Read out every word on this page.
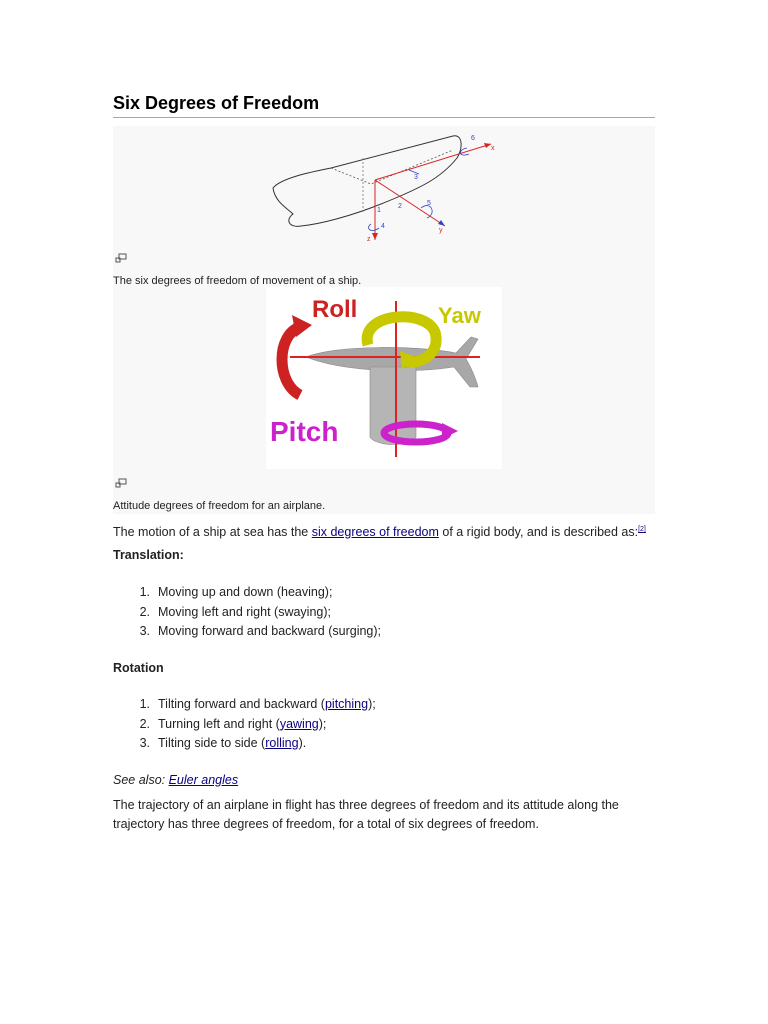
Six Degrees of Freedom
6
x
3
2	5
1
4
z
y
The six degrees of freedom of movement of a ship.
Roll	Yaw
Pitch
Attitude degrees of freedom for an airplane.
The motion of a ship at sea has the six degrees of freedom of a rigid body, and is described as:[2]
Translation:
1. Moving up and down (heaving);
2. Moving left and right (swaying);
3. Moving forward and backward (surging);
Rotation
1. Tilting forward and backward (pitching);
2. Turning left and right (yawing);
3. Tilting side to side (rolling).
See also: Euler angles
The trajectory of an airplane in flight has three degrees of freedom and its attitude along the trajectory has three degrees of freedom, for a total of six degrees of freedom.
